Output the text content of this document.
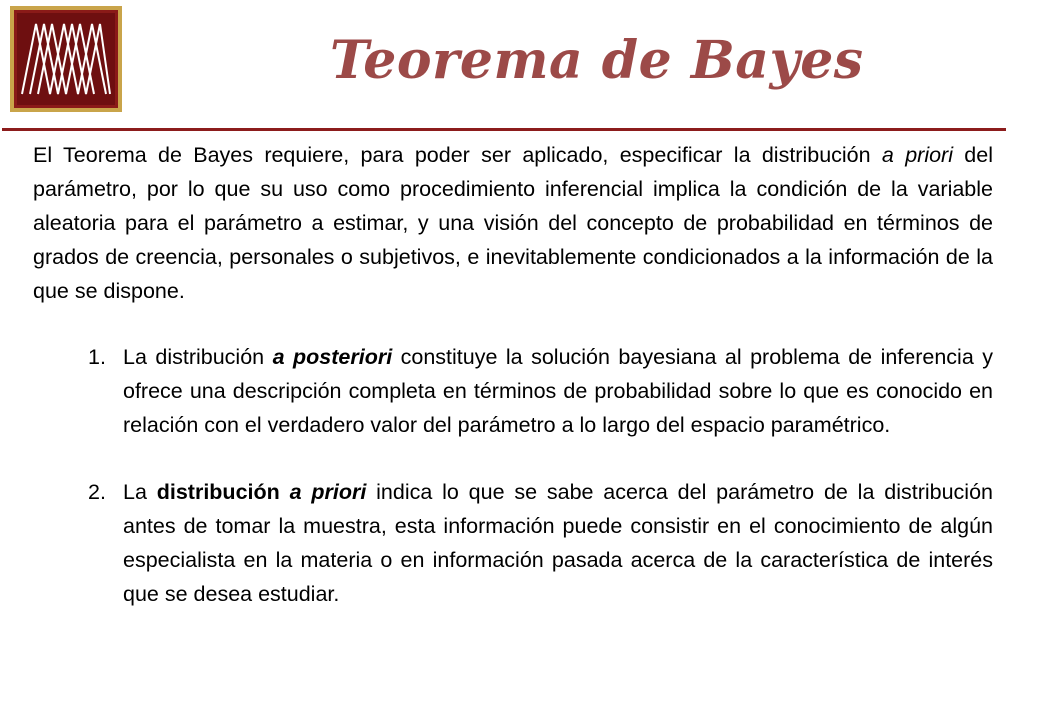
Teorema de Bayes

El Teorema de Bayes requiere, para poder ser aplicado, especificar la distribución a priori del parámetro, por lo que su uso como procedimiento inferencial implica la condición de la variable aleatoria para el parámetro a estimar, y una visión del concepto de probabilidad en términos de grados de creencia, personales o subjetivos, e inevitablemente condicionados a la información de la que se dispone.

1. La distribución a posteriori constituye la solución bayesiana al problema de inferencia y ofrece una descripción completa en términos de probabilidad sobre lo que es conocido en relación con el verdadero valor del parámetro a lo largo del espacio paramétrico.
2. La distribución a priori indica lo que se sabe acerca del parámetro de la distribución antes de tomar la muestra, esta información puede consistir en el conocimiento de algún especialista en la materia o en información pasada acerca de la característica de interés que se desea estudiar.
